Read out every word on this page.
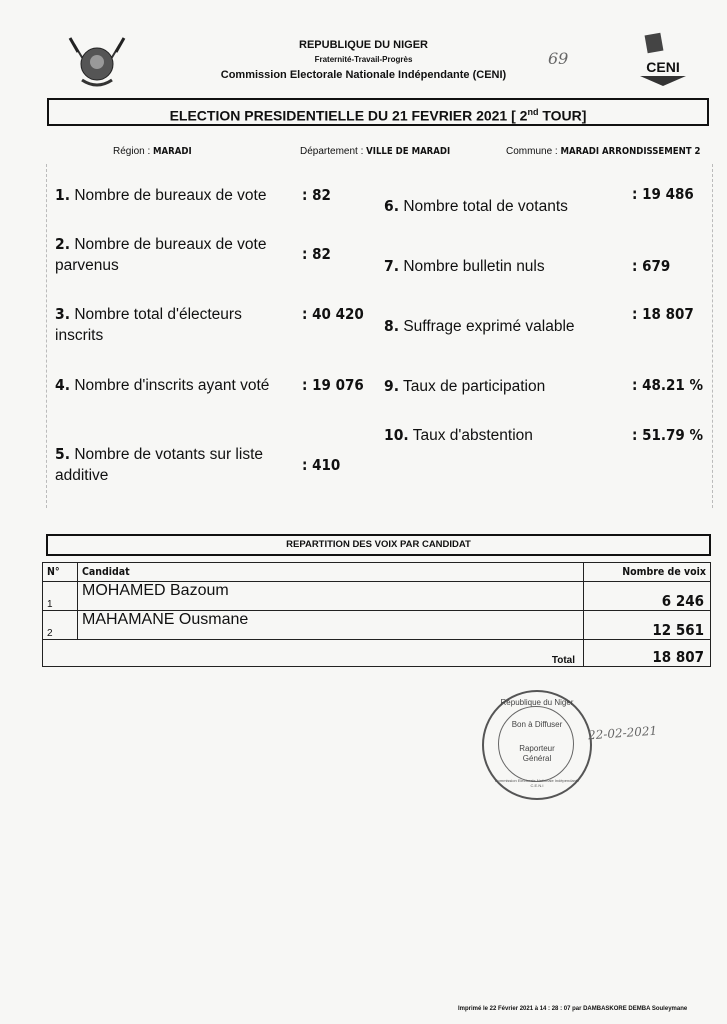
REPUBLIQUE DU NIGER
Fraternité-Travail-Progrès
Commission Electorale Nationale Indépendante (CENI)
69	CENI
ELECTION PRESIDENTIELLE DU 21 FEVRIER 2021 [ 2nd TOUR]
Région : MARADI	Département : VILLE DE MARADI	Commune : MARADI ARRONDISSEMENT 2
1. Nombre de bureaux de vote	: 82
2. Nombre de bureaux de vote parvenus
: 82
3. Nombre total d'électeurs inscrits
: 40 420
4. Nombre d'inscrits ayant voté	: 19 076
5. Nombre de votants sur liste additive
: 410
6. Nombre total de votants
: 19 486
7. Nombre bulletin nuls	: 679
8. Suffrage exprimé valable
: 18 807
9. Taux de participation	: 48.21 %
10. Taux d'abstention	: 51.79 %
REPARTITION DES VOIX PAR CANDIDAT
N°	Candidat	Nombre de voix
1	MOHAMED Bazoum	6 246
2	MAHAMANE Ousmane	12 561
Total		18 807
République du Niger
Bon à Diffuser
Raporteur
Général
Commission Electorale Nationale Indépendante C.E.N.I
22-02-2021
Imprimé le 22 Février 2021 à 14 : 28 : 07 par DAMBASKORE DEMBA Souleymane
